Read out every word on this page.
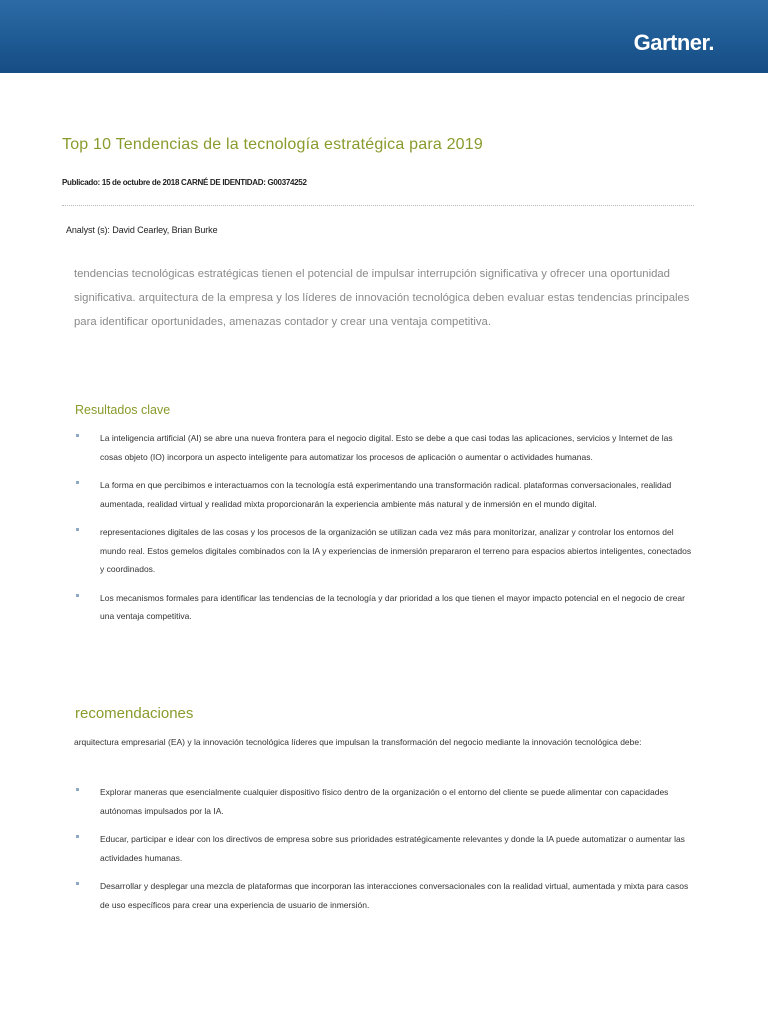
Gartner.
Top 10 Tendencias de la tecnología estratégica para 2019
Publicado: 15 de octubre de 2018 CARNÉ DE IDENTIDAD: G00374252
Analyst (s): David Cearley, Brian Burke

tendencias tecnológicas estratégicas tienen el potencial de impulsar interrupción significativa y ofrecer una oportunidad significativa. arquitectura de la empresa y los líderes de innovación tecnológica deben evaluar estas tendencias principales para identificar oportunidades, amenazas contador y crear una ventaja competitiva.

Resultados clave
La inteligencia artificial (AI) se abre una nueva frontera para el negocio digital. Esto se debe a que casi todas las aplicaciones, servicios y Internet de las cosas objeto (IO) incorpora un aspecto inteligente para automatizar los procesos de aplicación o aumentar o actividades humanas.
La forma en que percibimos e interactuamos con la tecnología está experimentando una transformación radical. plataformas conversacionales, realidad aumentada, realidad virtual y realidad mixta proporcionarán la experiencia ambiente más natural y de inmersión en el mundo digital.
representaciones digitales de las cosas y los procesos de la organización se utilizan cada vez más para monitorizar, analizar y controlar los entornos del mundo real. Estos gemelos digitales combinados con la IA y experiencias de inmersión prepararon el terreno para espacios abiertos inteligentes, conectados y coordinados.
Los mecanismos formales para identificar las tendencias de la tecnología y dar prioridad a los que tienen el mayor impacto potencial en el negocio de crear una ventaja competitiva.
recomendaciones

arquitectura empresarial (EA) y la innovación tecnológica líderes que impulsan la transformación del negocio mediante la innovación tecnológica debe:

Explorar maneras que esencialmente cualquier dispositivo físico dentro de la organización o el entorno del cliente se puede alimentar con capacidades autónomas impulsados por la IA.
Educar, participar e idear con los directivos de empresa sobre sus prioridades estratégicamente relevantes y donde la IA puede automatizar o aumentar las actividades humanas.
Desarrollar y desplegar una mezcla de plataformas que incorporan las interacciones conversacionales con la realidad virtual, aumentada y mixta para casos de uso específicos para crear una experiencia de usuario de inmersión.
